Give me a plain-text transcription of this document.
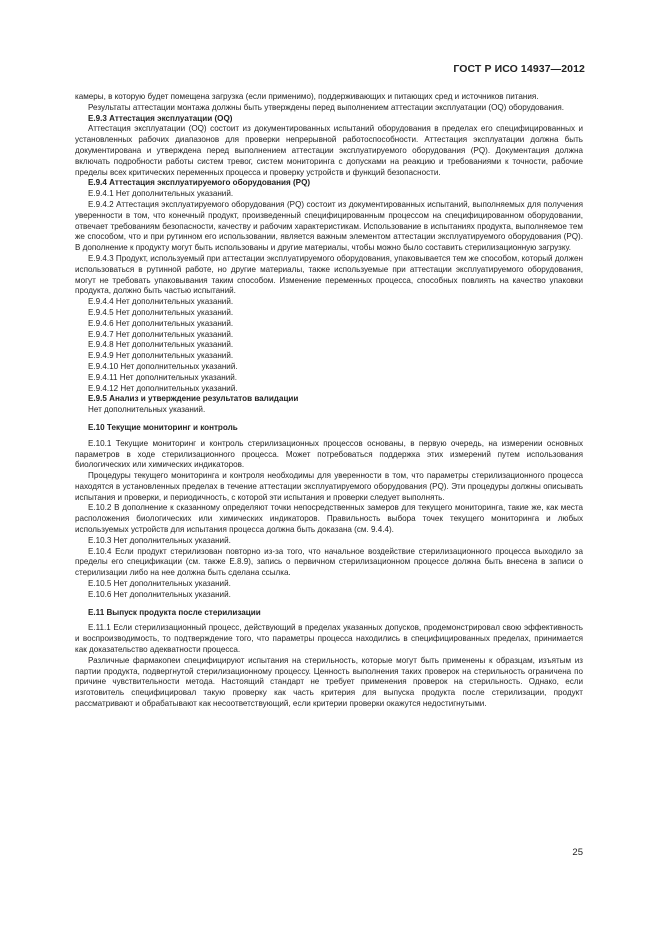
ГОСТ Р ИСО 14937—2012

камеры, в которую будет помещена загрузка (если применимо), поддерживающих и питающих сред и источников питания.

Результаты аттестации монтажа должны быть утверждены перед выполнением аттестации эксплуатации (OQ) оборудования.

E.9.3 Аттестация эксплуатации (OQ)

Аттестация эксплуатации (OQ) состоит из документированных испытаний оборудования в пределах его специфицированных и установленных рабочих диапазонов для проверки непрерывной работоспособности. Аттестация эксплуатации должна быть документирована и утверждена перед выполнением аттестации эксплуатируемого оборудования (PQ). Документация должна включать подробности работы систем тревог, систем мониторинга с допусками на реакцию и требованиями к точности, рабочие пределы всех критических переменных процесса и проверку устройств и функций безопасности.

E.9.4 Аттестация эксплуатируемого оборудования (PQ)

E.9.4.1 Нет дополнительных указаний.

E.9.4.2 Аттестация эксплуатируемого оборудования (PQ) состоит из документированных испытаний, выполняемых для получения уверенности в том, что конечный продукт, произведенный специфицированным процессом на специфицированном оборудовании, отвечает требованиям безопасности, качеству и рабочим характеристикам. Использование в испытаниях продукта, выполняемое тем же способом, что и при рутинном его использовании, является важным элементом аттестации эксплуатируемого оборудования (PQ). В дополнение к продукту могут быть использованы и другие материалы, чтобы можно было составить стерилизационную загрузку.

E.9.4.3 Продукт, используемый при аттестации эксплуатируемого оборудования, упаковывается тем же способом, который должен использоваться в рутинной работе, но другие материалы, также используемые при аттестации эксплуатируемого оборудования, могут не требовать упаковывания таким способом. Изменение переменных процесса, способных повлиять на качество упаковки продукта, должно быть частью испытаний.

E.9.4.4 Нет дополнительных указаний.

E.9.4.5 Нет дополнительных указаний.

E.9.4.6 Нет дополнительных указаний.

E.9.4.7 Нет дополнительных указаний.

E.9.4.8 Нет дополнительных указаний.

E.9.4.9 Нет дополнительных указаний.

E.9.4.10 Нет дополнительных указаний.

E.9.4.11 Нет дополнительных указаний.

E.9.4.12 Нет дополнительных указаний.

E.9.5 Анализ и утверждение результатов валидации

Нет дополнительных указаний.

E.10 Текущие мониторинг и контроль

E.10.1 Текущие мониторинг и контроль стерилизационных процессов основаны, в первую очередь, на измерении основных параметров в ходе стерилизационного процесса. Может потребоваться поддержка этих измерений путем использования биологических или химических индикаторов.

Процедуры текущего мониторинга и контроля необходимы для уверенности в том, что параметры стерилизационного процесса находятся в установленных пределах в течение аттестации эксплуатируемого оборудования (PQ). Эти процедуры должны описывать испытания и проверки, и периодичность, с которой эти испытания и проверки следует выполнять.

E.10.2 В дополнение к сказанному определяют точки непосредственных замеров для текущего мониторинга, такие же, как места расположения биологических или химических индикаторов. Правильность выбора точек текущего мониторинга и любых используемых устройств для испытания процесса должна быть доказана (см. 9.4.4).

E.10.3 Нет дополнительных указаний.

E.10.4 Если продукт стерилизован повторно из-за того, что начальное воздействие стерилизационного процесса выходило за пределы его спецификации (см. также E.8.9), запись о первичном стерилизационном процессе должна быть внесена в записи о стерилизации либо на нее должна быть сделана ссылка.

E.10.5 Нет дополнительных указаний.

E.10.6 Нет дополнительных указаний.

E.11 Выпуск продукта после стерилизации

E.11.1 Если стерилизационный процесс, действующий в пределах указанных допусков, продемонстрировал свою эффективность и воспроизводимость, то подтверждение того, что параметры процесса находились в специфицированных пределах, принимается как доказательство адекватности процесса.

Различные фармакопеи специфицируют испытания на стерильность, которые могут быть применены к образцам, изъятым из партии продукта, подвергнутой стерилизационному процессу. Ценность выполнения таких проверок на стерильность ограничена по причине чувствительности метода. Настоящий стандарт не требует применения проверок на стерильность. Однако, если изготовитель специфицировал такую проверку как часть критерия для выпуска продукта после стерилизации, продукт рассматривают и обрабатывают как несоответствующий, если критерии проверки окажутся недостигнутыми.

25
